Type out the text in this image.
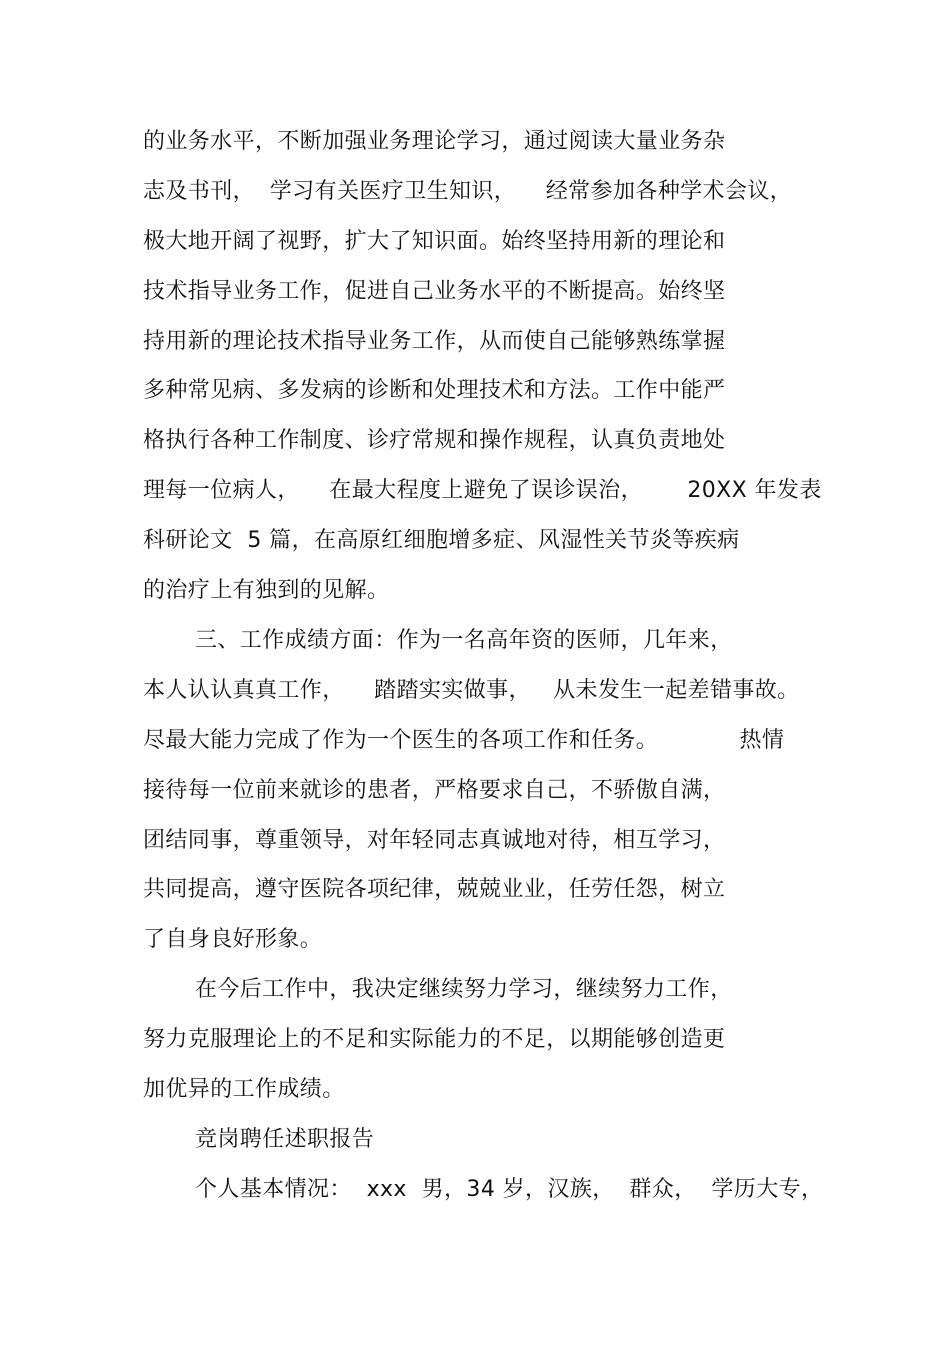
的业务水平，不断加强业务理论学习，通过阅读大量业务杂
志及书刊，  学习有关医疗卫生知识，    经常参加各种学术会议，
极大地开阔了视野，扩大了知识面。始终坚持用新的理论和
技术指导业务工作，促进自己业务水平的不断提高。始终坚
持用新的理论技术指导业务工作，从而使自己能够熟练掌握
多种常见病、多发病的诊断和处理技术和方法。工作中能严
格执行各种工作制度、诊疗常规和操作规程，认真负责地处
理每一位病人，    在最大程度上避免了误诊误治，      20XX 年发表
科研论文  5 篇，在高原红细胞增多症、风湿性关节炎等疾病
的治疗上有独到的见解。
三、工作成绩方面：作为一名高年资的医师，几年来，
本人认认真真工作，    踏踏实实做事，   从未发生一起差错事故。
尽最大能力完成了作为一个医生的各项工作和任务。           热情
接待每一位前来就诊的患者，严格要求自己，不骄傲自满，
团结同事，尊重领导，对年轻同志真诚地对待，相互学习，
共同提高，遵守医院各项纪律，兢兢业业，任劳任怨，树立
了自身良好形象。
在今后工作中，我决定继续努力学习，继续努力工作，
努力克服理论上的不足和实际能力的不足，以期能够创造更
加优异的工作成绩。
竞岗聘任述职报告
个人基本情况：  xxx  男，34 岁，汉族，  群众，  学历大专，
